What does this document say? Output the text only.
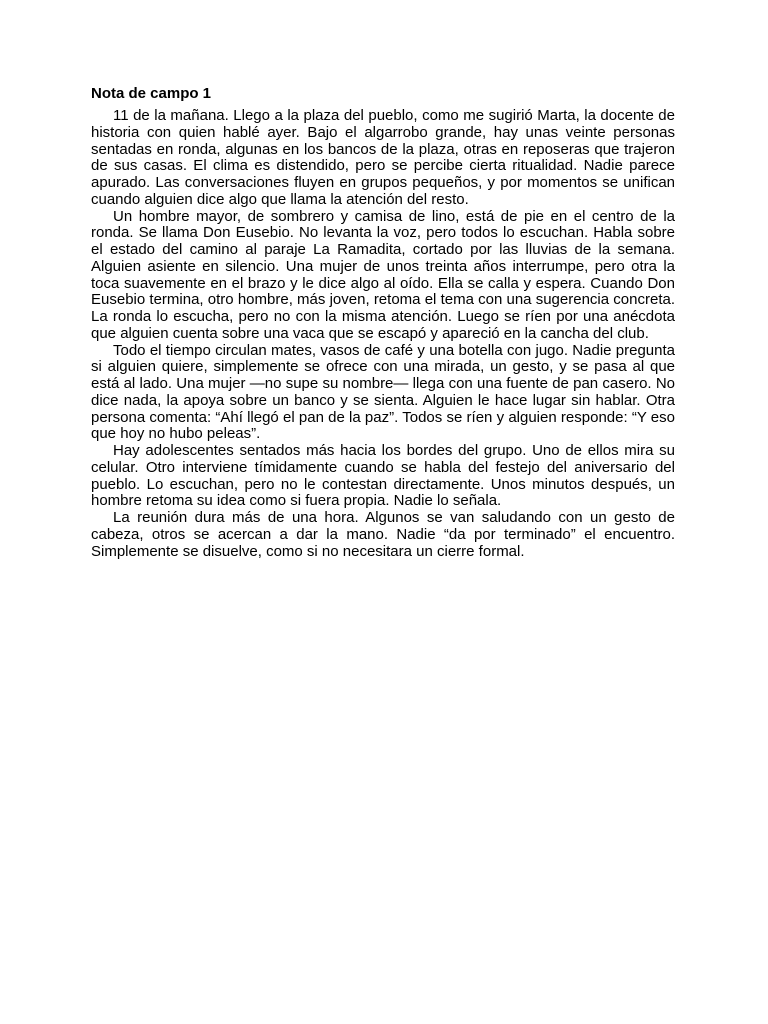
Nota de campo 1

11 de la mañana. Llego a la plaza del pueblo, como me sugirió Marta, la docente de historia con quien hablé ayer. Bajo el algarrobo grande, hay unas veinte personas sentadas en ronda, algunas en los bancos de la plaza, otras en reposeras que trajeron de sus casas. El clima es distendido, pero se percibe cierta ritualidad. Nadie parece apurado. Las conversaciones fluyen en grupos pequeños, y por momentos se unifican cuando alguien dice algo que llama la atención del resto.

Un hombre mayor, de sombrero y camisa de lino, está de pie en el centro de la ronda. Se llama Don Eusebio. No levanta la voz, pero todos lo escuchan. Habla sobre el estado del camino al paraje La Ramadita, cortado por las lluvias de la semana. Alguien asiente en silencio. Una mujer de unos treinta años interrumpe, pero otra la toca suavemente en el brazo y le dice algo al oído. Ella se calla y espera. Cuando Don Eusebio termina, otro hombre, más joven, retoma el tema con una sugerencia concreta. La ronda lo escucha, pero no con la misma atención. Luego se ríen por una anécdota que alguien cuenta sobre una vaca que se escapó y apareció en la cancha del club.

Todo el tiempo circulan mates, vasos de café y una botella con jugo. Nadie pregunta si alguien quiere, simplemente se ofrece con una mirada, un gesto, y se pasa al que está al lado. Una mujer —no supe su nombre— llega con una fuente de pan casero. No dice nada, la apoya sobre un banco y se sienta. Alguien le hace lugar sin hablar. Otra persona comenta: “Ahí llegó el pan de la paz”. Todos se ríen y alguien responde: “Y eso que hoy no hubo peleas”.

Hay adolescentes sentados más hacia los bordes del grupo. Uno de ellos mira su celular. Otro interviene tímidamente cuando se habla del festejo del aniversario del pueblo. Lo escuchan, pero no le contestan directamente. Unos minutos después, un hombre retoma su idea como si fuera propia. Nadie lo señala.

La reunión dura más de una hora. Algunos se van saludando con un gesto de cabeza, otros se acercan a dar la mano. Nadie “da por terminado” el encuentro. Simplemente se disuelve, como si no necesitara un cierre formal.
